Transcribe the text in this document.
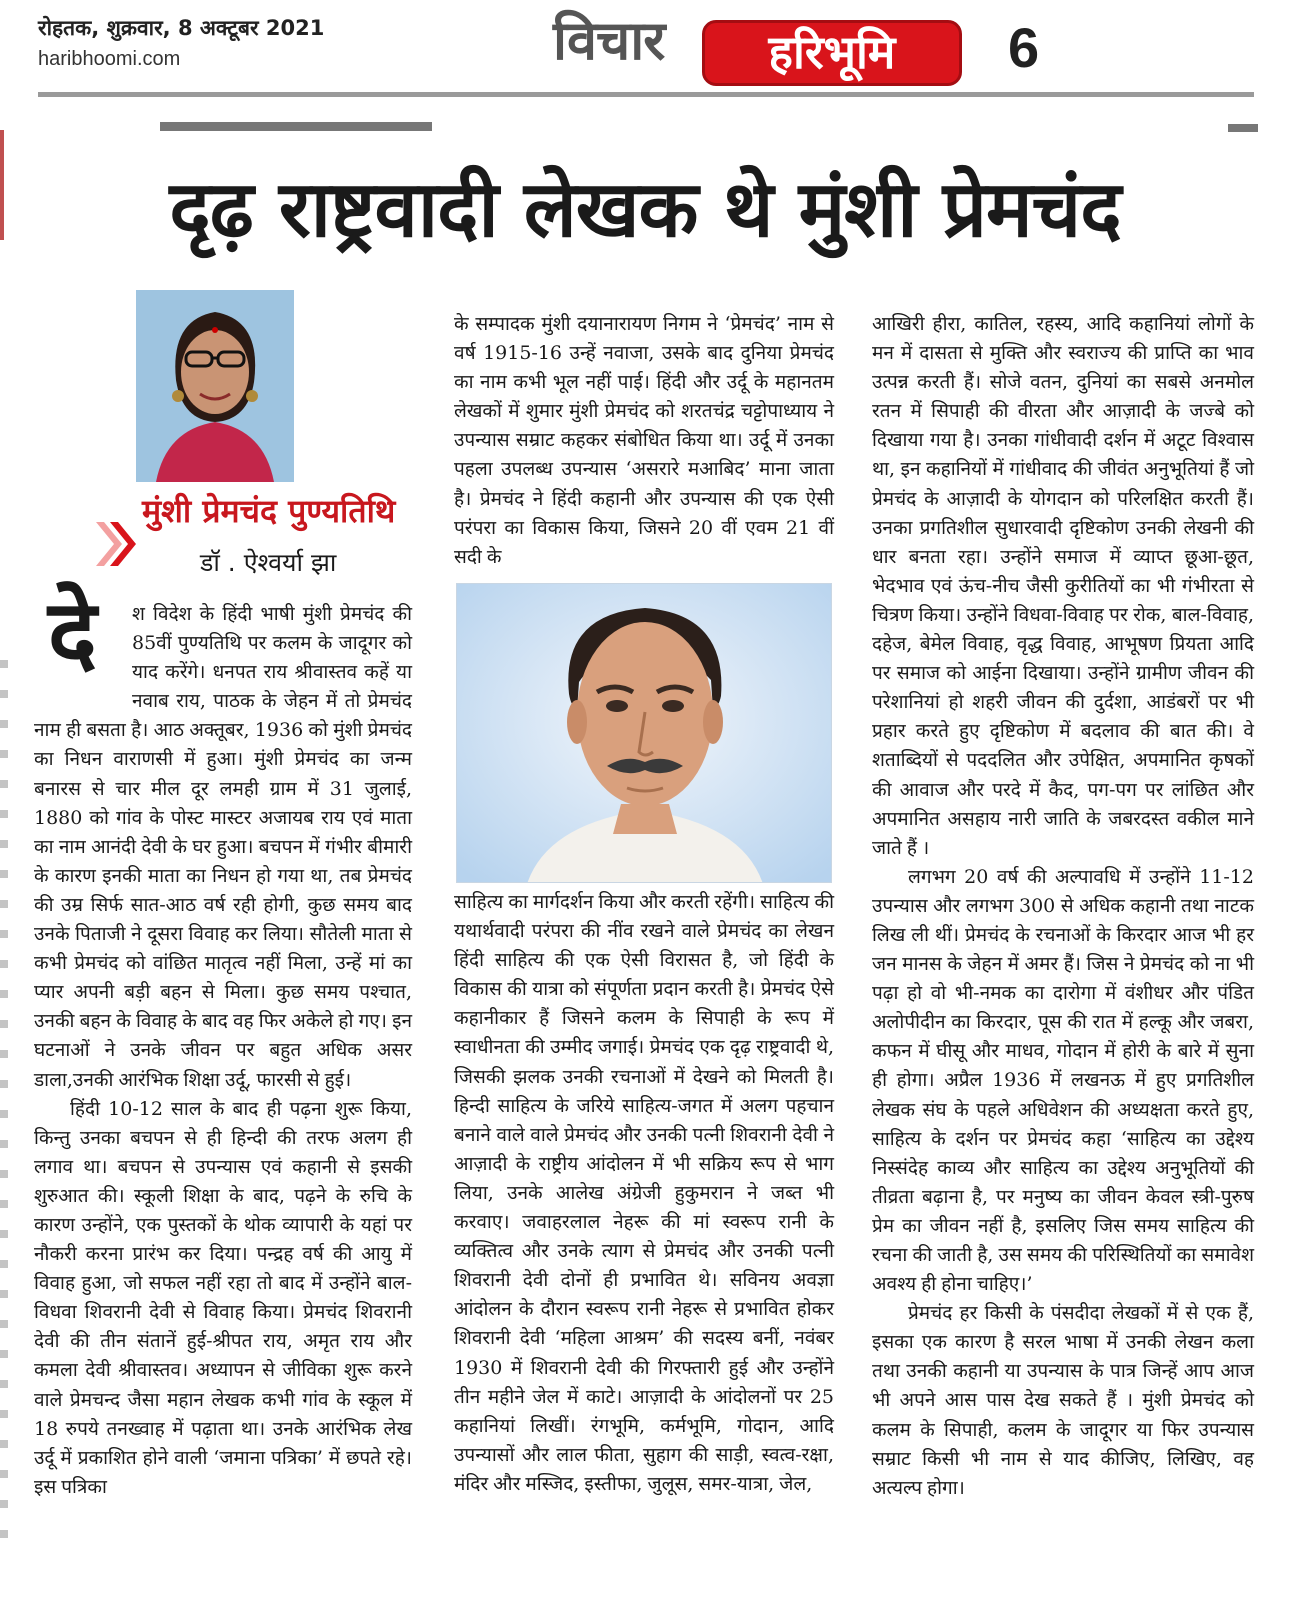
रोहतक, शुक्रवार, 8 अक्टूबर 2021
haribhoomi.com	विचार	हरिभूमि	6
दृढ़ राष्ट्रवादी लेखक थे मुंशी प्रेमचंद
मुंशी प्रेमचंद पुण्यतिथि
डॉ . ऐश्वर्या झा
दे	श विदेश के हिंदी भाषी मुंशी प्रेमचंद की 85वीं पुण्यतिथि पर कलम के जादूगर को याद करेंगे। धनपत राय श्रीवास्तव कहें या नवाब राय, पाठक के जेहन में तो प्रेमचंद नाम ही बसता है। आठ अक्तूबर, 1936 को मुंशी प्रेमचंद का निधन वाराणसी में हुआ। मुंशी प्रेमचंद का जन्म बनारस से चार मील दूर लमही ग्राम में 31 जुलाई, 1880 को गांव के पोस्ट मास्टर अजायब राय एवं माता का नाम आनंदी देवी के घर हुआ। बचपन में गंभीर बीमारी के कारण इनकी माता का निधन हो गया था, तब प्रेमचंद की उम्र सिर्फ सात-आठ वर्ष रही होगी, कुछ समय बाद उनके पिताजी ने दूसरा विवाह कर लिया। सौतेली माता से कभी प्रेमचंद को वांछित मातृत्व नहीं मिला, उन्हें मां का प्यार अपनी बड़ी बहन से मिला। कुछ समय पश्चात, उनकी बहन के विवाह के बाद वह फिर अकेले हो गए। इन घटनाओं ने उनके जीवन पर बहुत अधिक असर डाला,उनकी आरंभिक शिक्षा उर्दू, फारसी से हुई।

हिंदी 10-12 साल के बाद ही पढ़ना शुरू किया, किन्तु उनका बचपन से ही हिन्दी की तरफ अलग ही लगाव था। बचपन से उपन्यास एवं कहानी से इसकी शुरुआत की। स्कूली शिक्षा के बाद, पढ़ने के रुचि के कारण उन्होंने, एक पुस्तकों के थोक व्यापारी के यहां पर नौकरी करना प्रारंभ कर दिया। पन्द्रह वर्ष की आयु में विवाह हुआ, जो सफल नहीं रहा तो बाद में उन्होंने बाल-विधवा शिवरानी देवी से विवाह किया। प्रेमचंद शिवरानी देवी की तीन संतानें हुई-श्रीपत राय, अमृत राय और कमला देवी श्रीवास्तव। अध्यापन से जीविका शुरू करने वाले प्रेमचन्द जैसा महान लेखक कभी गांव के स्कूल में 18 रुपये तनख्वाह में पढ़ाता था। उनके आरंभिक लेख उर्दू में प्रकाशित होने वाली ‘जमाना पत्रिका’ में छपते रहे। इस पत्रिका

के सम्पादक मुंशी दयानारायण निगम ने ‘प्रेमचंद’ नाम से वर्ष 1915-16 उन्हें नवाजा, उसके बाद दुनिया प्रेमचंद का नाम कभी भूल नहीं पाई। हिंदी और उर्दू के महानतम लेखकों में शुमार मुंशी प्रेमचंद को शरतचंद्र चट्टोपाध्याय ने उपन्यास सम्राट कहकर संबोधित किया था। उर्दू में उनका पहला उपलब्ध उपन्यास ‘असरारे मआबिद’ माना जाता है। प्रेमचंद ने हिंदी कहानी और उपन्यास की एक ऐसी परंपरा का विकास किया, जिसने 20 वीं एवम 21 वीं सदी के

साहित्य का मार्गदर्शन किया और करती रहेंगी। साहित्य की यथार्थवादी परंपरा की नींव रखने वाले प्रेमचंद का लेखन हिंदी साहित्य की एक ऐसी विरासत है, जो हिंदी के विकास की यात्रा को संपूर्णता प्रदान करती है। प्रेमचंद ऐसे कहानीकार हैं जिसने कलम के सिपाही के रूप में स्वाधीनता की उम्मीद जगाई। प्रेमचंद एक दृढ़ राष्ट्रवादी थे, जिसकी झलक उनकी रचनाओं में देखने को मिलती है। हिन्दी साहित्य के जरिये साहित्य-जगत में अलग पहचान बनाने वाले वाले प्रेमचंद और उनकी पत्नी शिवरानी देवी ने आज़ादी के राष्ट्रीय आंदोलन में भी सक्रिय रूप से भाग लिया, उनके आलेख अंग्रेजी हुकुमरान ने जब्त भी करवाए। जवाहरलाल नेहरू की मां स्वरूप रानी के व्यक्तित्व और उनके त्याग से प्रेमचंद और उनकी पत्नी शिवरानी देवी दोनों ही प्रभावित थे। सविनय अवज्ञा आंदोलन के दौरान स्वरूप रानी नेहरू से प्रभावित होकर शिवरानी देवी ‘महिला आश्रम’ की सदस्य बनीं, नवंबर 1930 में शिवरानी देवी की गिरफ्तारी हुई और उन्होंने तीन महीने जेल में काटे। आज़ादी के आंदोलनों पर 25 कहानियां लिखीं। रंगभूमि, कर्मभूमि, गोदान, आदि उपन्यासों और लाल फीता, सुहाग की साड़ी, स्वत्व-रक्षा, मंदिर और मस्जिद, इस्तीफा, जुलूस, समर-यात्रा, जेल,

आखिरी हीरा, कातिल, रहस्य, आदि कहानियां लोगों के मन में दासता से मुक्ति और स्वराज्य की प्राप्ति का भाव उत्पन्न करती हैं। सोजे वतन, दुनियां का सबसे अनमोल रतन में सिपाही की वीरता और आज़ादी के जज्बे को दिखाया गया है। उनका गांधीवादी दर्शन में अटूट विश्वास था, इन कहानियों में गांधीवाद की जीवंत अनुभूतियां हैं जो प्रेमचंद के आज़ादी के योगदान को परिलक्षित करती हैं। उनका प्रगतिशील सुधारवादी दृष्टिकोण उनकी लेखनी की धार बनता रहा। उन्होंने समाज में व्याप्त छूआ-छूत, भेदभाव एवं ऊंच-नीच जैसी कुरीतियों का भी गंभीरता से चित्रण किया। उन्होंने विधवा-विवाह पर रोक, बाल-विवाह, दहेज, बेमेल विवाह, वृद्ध विवाह, आभूषण प्रियता आदि पर समाज को आईना दिखाया। उन्होंने ग्रामीण जीवन की परेशानियां हो शहरी जीवन की दुर्दशा, आडंबरों पर भी प्रहार करते हुए दृष्टिकोण में बदलाव की बात की। वे शताब्दियों से पददलित और उपेक्षित, अपमानित कृषकों की आवाज और परदे में कैद, पग-पग पर लांछित और अपमानित असहाय नारी जाति के जबरदस्त वकील माने जाते हैं ।

लगभग 20 वर्ष की अल्पावधि में उन्होंने 11-12 उपन्यास और लगभग 300 से अधिक कहानी तथा नाटक लिख ली थीं। प्रेमचंद के रचनाओं के किरदार आज भी हर जन मानस के जेहन में अमर हैं। जिस ने प्रेमचंद को ना भी पढ़ा हो वो भी-नमक का दारोगा में वंशीधर और पंडित अलोपीदीन का किरदार, पूस की रात में हल्कू और जबरा, कफन में घीसू और माधव, गोदान में होरी के बारे में सुना ही होगा। अप्रैल 1936 में लखनऊ में हुए प्रगतिशील लेखक संघ के पहले अधिवेशन की अध्यक्षता करते हुए, साहित्य के दर्शन पर प्रेमचंद कहा ‘साहित्य का उद्देश्य निस्संदेह काव्य और साहित्य का उद्देश्य अनुभूतियों की तीव्रता बढ़ाना है, पर मनुष्य का जीवन केवल स्त्री-पुरुष प्रेम का जीवन नहीं है, इसलिए जिस समय साहित्य की रचना की जाती है, उस समय की परिस्थितियों का समावेश अवश्य ही होना चाहिए।’

प्रेमचंद हर किसी के पंसदीदा लेखकों में से एक हैं, इसका एक कारण है सरल भाषा में उनकी लेखन कला तथा उनकी कहानी या उपन्यास के पात्र जिन्हें आप आज भी अपने आस पास देख सकते हैं । मुंशी प्रेमचंद को कलम के सिपाही, कलम के जादूगर या फिर उपन्यास सम्राट किसी भी नाम से याद कीजिए, लिखिए, वह अत्यल्प होगा।
